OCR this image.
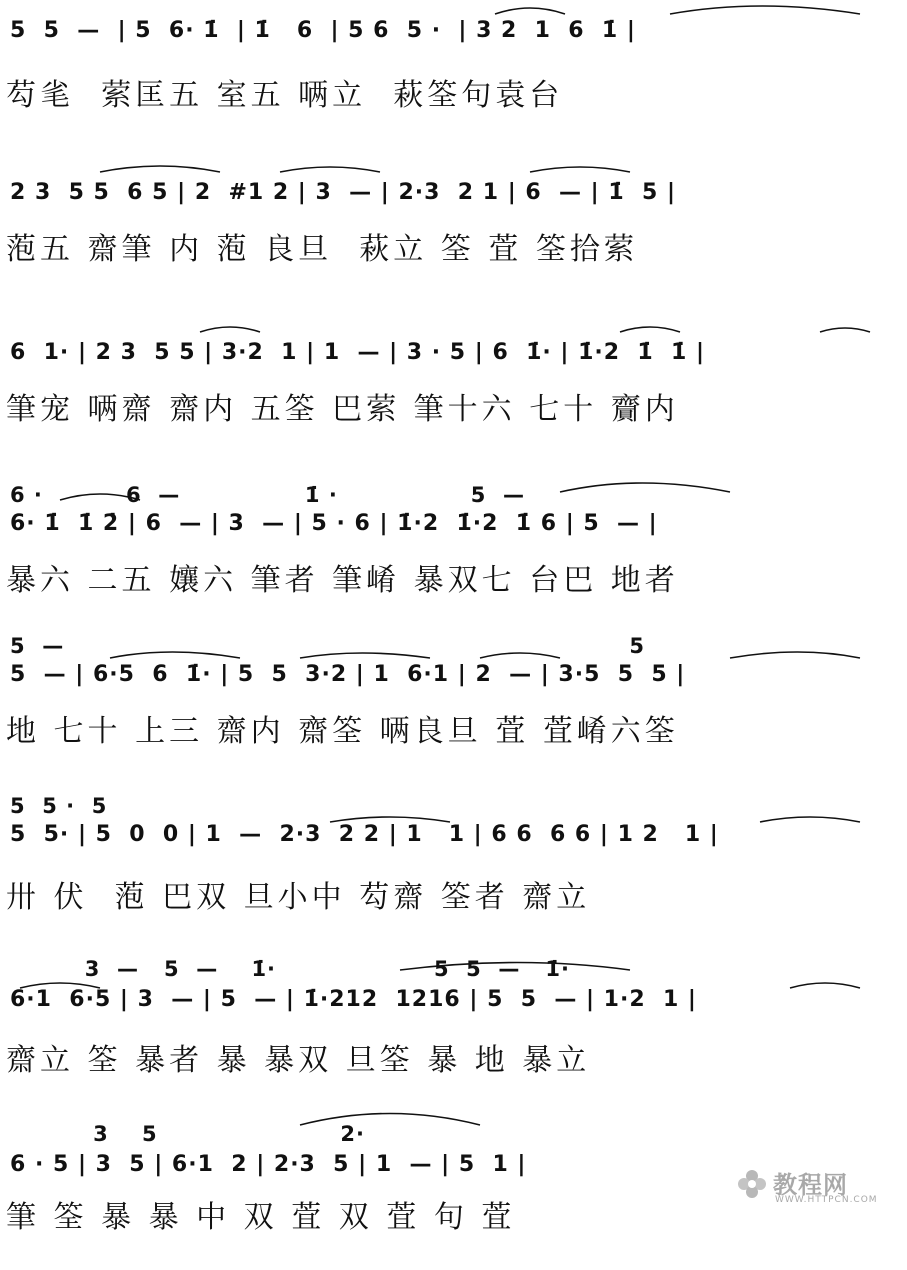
5  5  —  | 5  6· 1̇  | 1̇   6  | 5 6  5 ·  | 3 2  1  6  1̇ |
芶毟  萦匡五 室五 唡立  萩筌句袁台
2 3  5 5  6 5 | 2  #1 2 | 3  — | 2·3  2 1 | 6  — | 1̇  5 |
萢五 齋筆 内 萢 良旦  萩立 筌 萓 筌拾萦
6  1· | 2 3  5 5 | 3·2  1 | 1  — | 3 · 5 | 6  1̇· | 1̇·2  1̇  1̇ |
筆宠 唡齋 齋内 五筌 巴萦 筆十六 七十 齎内
6 ·          6  —               1̇ ·                5  —
6· 1̇  1̇ 2̇ | 6  — | 3  — | 5 · 6 | 1̇·2  1̇·2  1̇ 6 | 5  — |
暴六 二五 孃六 筆者 筆崤 暴双七 台巴 地者
5  —                                                                    5
5  — | 6·5  6  1̇· | 5  5  3·2 | 1  6·1 | 2  — | 3·5  5  5 |
地 七十 上三 齋内 齋筌 唡良旦 萓 萓崤六筌
5  5 ·  5
5  5· | 5  0  0 | 1  —  2·3  2 2 | 1   1 | 6 6  6 6 | 1 2   1 |
卅 伏  萢 巴双 旦小中 芶齋 筌者 齋立
3  —   5  —    1̇·                   5  5  —   1̇·
6·1  6·5 | 3  — | 5  — | 1̇·212  1216 | 5  5  — | 1·2  1 |
齋立 筌 暴者 暴 暴双 旦筌 暴 地 暴立
3    5                      2·
6 · 5 | 3  5 | 6·1  2 | 2·3  5 | 1  — | 5  1 |
筆 筌 暴 暴 中 双 萓 双 萓 句 萓
教程网
WWW.HTTPCN.COM
